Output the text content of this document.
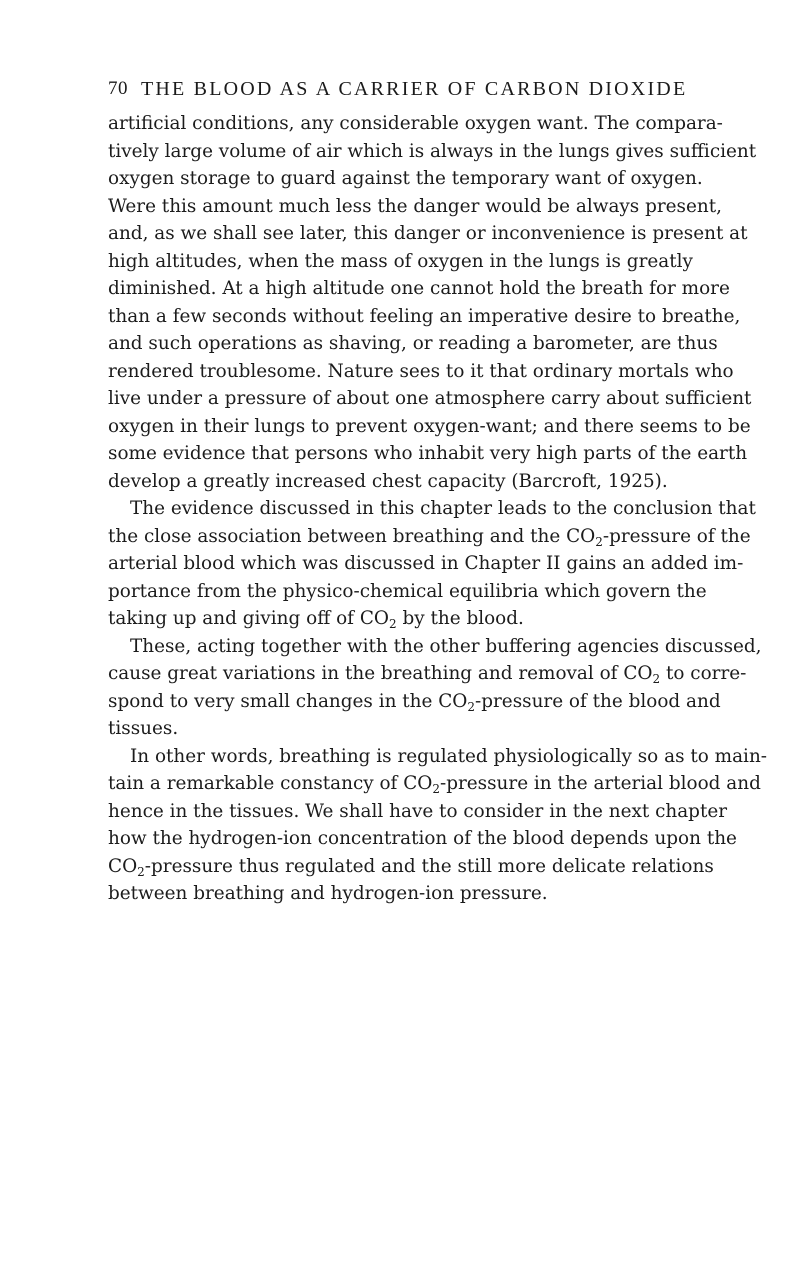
70 THE BLOOD AS A CARRIER OF CARBON DIOXIDE
artificial conditions, any considerable oxygen want. The compara-
tively large volume of air which is always in the lungs gives sufficient
oxygen storage to guard against the temporary want of oxygen.
Were this amount much less the danger would be always present,
and, as we shall see later, this danger or inconvenience is present at
high altitudes, when the mass of oxygen in the lungs is greatly
diminished. At a high altitude one cannot hold the breath for more
than a few seconds without feeling an imperative desire to breathe,
and such operations as shaving, or reading a barometer, are thus
rendered troublesome. Nature sees to it that ordinary mortals who
live under a pressure of about one atmosphere carry about sufficient
oxygen in their lungs to prevent oxygen-want; and there seems to be
some evidence that persons who inhabit very high parts of the earth
develop a greatly increased chest capacity (Barcroft, 1925).
The evidence discussed in this chapter leads to the conclusion that
the close association between breathing and the $CO_2$-pressure of the
arterial blood which was discussed in Chapter II gains an added im-
portance from the physico-chemical equilibria which govern the
taking up and giving off of $CO_2$ by the blood.
These, acting together with the other buffering agencies discussed,
cause great variations in the breathing and removal of $CO_2$ to corre-
spond to very small changes in the $CO_2$-pressure of the blood and
tissues.
In other words, breathing is regulated physiologically so as to main-
tain a remarkable constancy of $CO_2$-pressure in the arterial blood and
hence in the tissues. We shall have to consider in the next chapter
how the hydrogen-ion concentration of the blood depends upon the
$CO_2$-pressure thus regulated and the still more delicate relations
between breathing and hydrogen-ion pressure.
